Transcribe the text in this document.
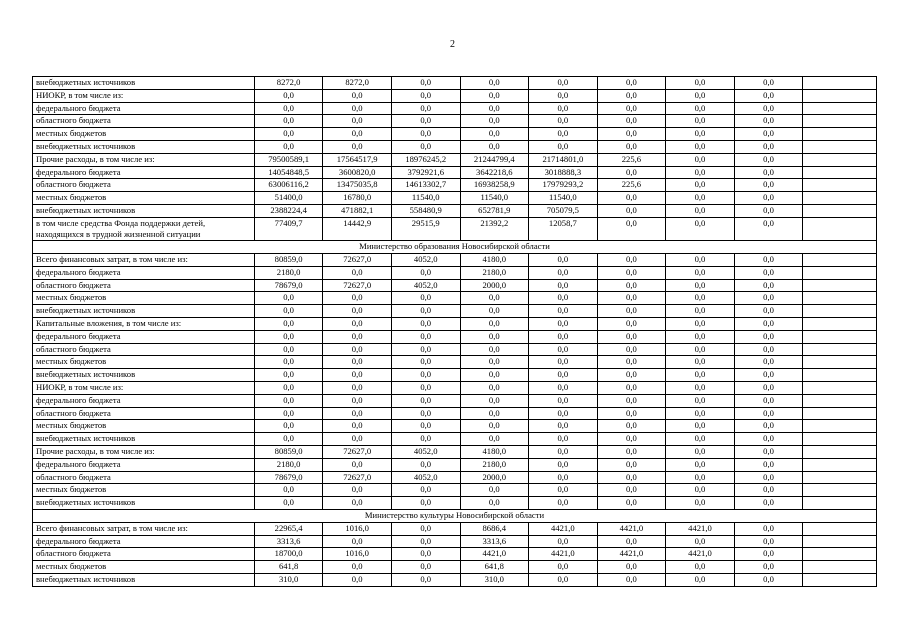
2
внебюджетных источников	8272,0	8272,0	0,0	0,0	0,0	0,0	0,0	0,0	
НИОКР, в том числе из:	0,0	0,0	0,0	0,0	0,0	0,0	0,0	0,0	
федерального бюджета	0,0	0,0	0,0	0,0	0,0	0,0	0,0	0,0	
областного бюджета	0,0	0,0	0,0	0,0	0,0	0,0	0,0	0,0	
местных бюджетов	0,0	0,0	0,0	0,0	0,0	0,0	0,0	0,0	
внебюджетных источников	0,0	0,0	0,0	0,0	0,0	0,0	0,0	0,0	
Прочие расходы, в том числе из:	79500589,1	17564517,9	18976245,2	21244799,4	21714801,0	225,6	0,0	0,0	
федерального бюджета	14054848,5	3600820,0	3792921,6	3642218,6	3018888,3	0,0	0,0	0,0	
областного бюджета	63006116,2	13475035,8	14613302,7	16938258,9	17979293,2	225,6	0,0	0,0	
местных бюджетов	51400,0	16780,0	11540,0	11540,0	11540,0	0,0	0,0	0,0	
внебюджетных источников	2388224,4	471882,1	558480,9	652781,9	705079,5	0,0	0,0	0,0	
в том числе средства Фонда поддержки детей, находящихся в трудной жизненной ситуации	77409,7	14442,9	29515,9	21392,2	12058,7	0,0	0,0	0,0	
Министерство образования Новосибирской области									
Всего финансовых затрат, в том числе из:	80859,0	72627,0	4052,0	4180,0	0,0	0,0	0,0	0,0	
федерального бюджета	2180,0	0,0	0,0	2180,0	0,0	0,0	0,0	0,0	
областного бюджета	78679,0	72627,0	4052,0	2000,0	0,0	0,0	0,0	0,0	
местных бюджетов	0,0	0,0	0,0	0,0	0,0	0,0	0,0	0,0	
внебюджетных источников	0,0	0,0	0,0	0,0	0,0	0,0	0,0	0,0	
Капитальные вложения, в том числе из:	0,0	0,0	0,0	0,0	0,0	0,0	0,0	0,0	
федерального бюджета	0,0	0,0	0,0	0,0	0,0	0,0	0,0	0,0	
областного бюджета	0,0	0,0	0,0	0,0	0,0	0,0	0,0	0,0	
местных бюджетов	0,0	0,0	0,0	0,0	0,0	0,0	0,0	0,0	
внебюджетных источников	0,0	0,0	0,0	0,0	0,0	0,0	0,0	0,0	
НИОКР, в том числе из:	0,0	0,0	0,0	0,0	0,0	0,0	0,0	0,0	
федерального бюджета	0,0	0,0	0,0	0,0	0,0	0,0	0,0	0,0	
областного бюджета	0,0	0,0	0,0	0,0	0,0	0,0	0,0	0,0	
местных бюджетов	0,0	0,0	0,0	0,0	0,0	0,0	0,0	0,0	
внебюджетных источников	0,0	0,0	0,0	0,0	0,0	0,0	0,0	0,0	
Прочие расходы, в том числе из:	80859,0	72627,0	4052,0	4180,0	0,0	0,0	0,0	0,0	
федерального бюджета	2180,0	0,0	0,0	2180,0	0,0	0,0	0,0	0,0	
областного бюджета	78679,0	72627,0	4052,0	2000,0	0,0	0,0	0,0	0,0	
местных бюджетов	0,0	0,0	0,0	0,0	0,0	0,0	0,0	0,0	
внебюджетных источников	0,0	0,0	0,0	0,0	0,0	0,0	0,0	0,0	
Министерство культуры Новосибирской области									
Всего финансовых затрат, в том числе из:	22965,4	1016,0	0,0	8686,4	4421,0	4421,0	4421,0	0,0	
федерального бюджета	3313,6	0,0	0,0	3313,6	0,0	0,0	0,0	0,0	
областного бюджета	18700,0	1016,0	0,0	4421,0	4421,0	4421,0	4421,0	0,0	
местных бюджетов	641,8	0,0	0,0	641,8	0,0	0,0	0,0	0,0	
внебюджетных источников	310,0	0,0	0,0	310,0	0,0	0,0	0,0	0,0	
